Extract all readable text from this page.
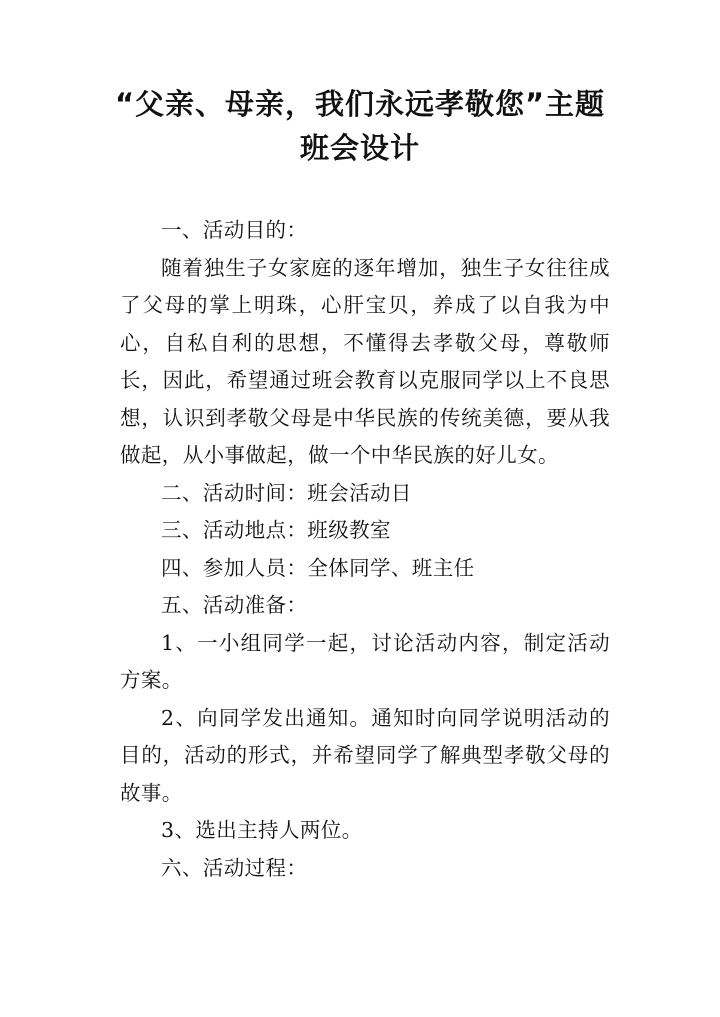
“父亲、母亲，我们永远孝敬您”主题班会设计

一、活动目的：

随着独生子女家庭的逐年增加，独生子女往往成了父母的掌上明珠，心肝宝贝，养成了以自我为中心，自私自利的思想，不懂得去孝敬父母，尊敬师长，因此，希望通过班会教育以克服同学以上不良思想，认识到孝敬父母是中华民族的传统美德，要从我做起，从小事做起，做一个中华民族的好儿女。

二、活动时间：班会活动日

三、活动地点：班级教室

四、参加人员：全体同学、班主任

五、活动准备：

1、一小组同学一起，讨论活动内容，制定活动方案。

2、向同学发出通知。通知时向同学说明活动的目的，活动的形式，并希望同学了解典型孝敬父母的故事。

3、选出主持人两位。

六、活动过程：
